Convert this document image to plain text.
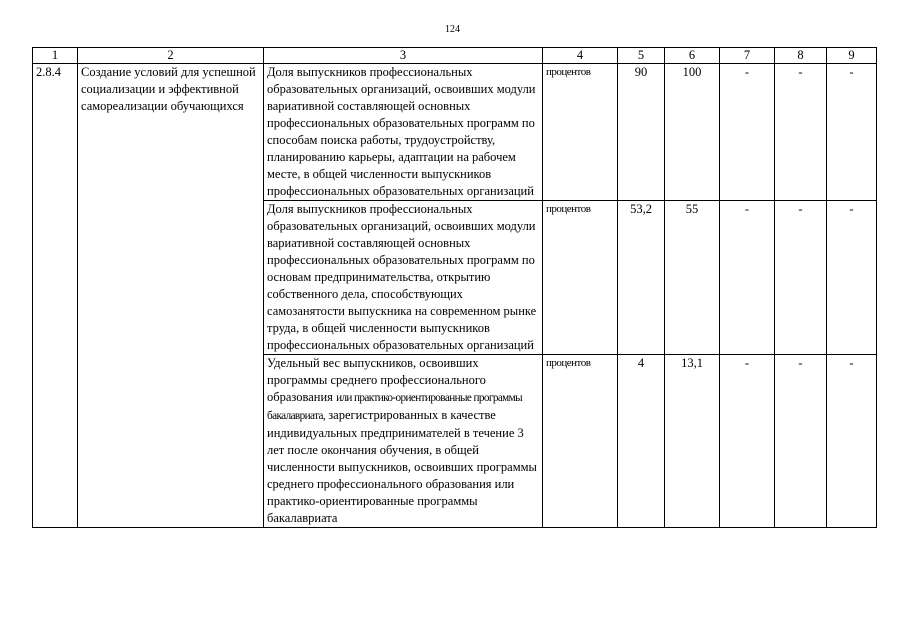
124
1	2	3	4	5	6	7	8	9
2.8.4	Создание условий для успешной социализации и эффективной самореализации обучающихся	Доля выпускников профессиональных образовательных организаций, освоивших модули вариативной составляющей основных профессиональных образовательных программ по способам поиска работы, трудоустройству, планированию карьеры, адаптации на рабочем месте, в общей численности выпускников профессиональных образовательных организаций	процентов	90	100	-	-	-
		Доля выпускников профессиональных образовательных организаций, освоивших модули вариативной составляющей основных профессиональных образовательных программ по основам предпринимательства, открытию собственного дела, способствующих самозанятости выпускника на современном рынке труда, в общей численности выпускников профессиональных образовательных организаций	процентов	53,2	55	-	-	-
		Удельный вес выпускников, освоивших программы среднего профессионального образования или практико-ориентированные программы бакалавриата, зарегистрированных в качестве индивидуальных предпринимателей в течение 3 лет после окончания обучения, в общей численности выпускников, освоивших программы среднего профессионального образования или практико-ориентированные программы бакалавриата	процентов	4	13,1	-	-	-
